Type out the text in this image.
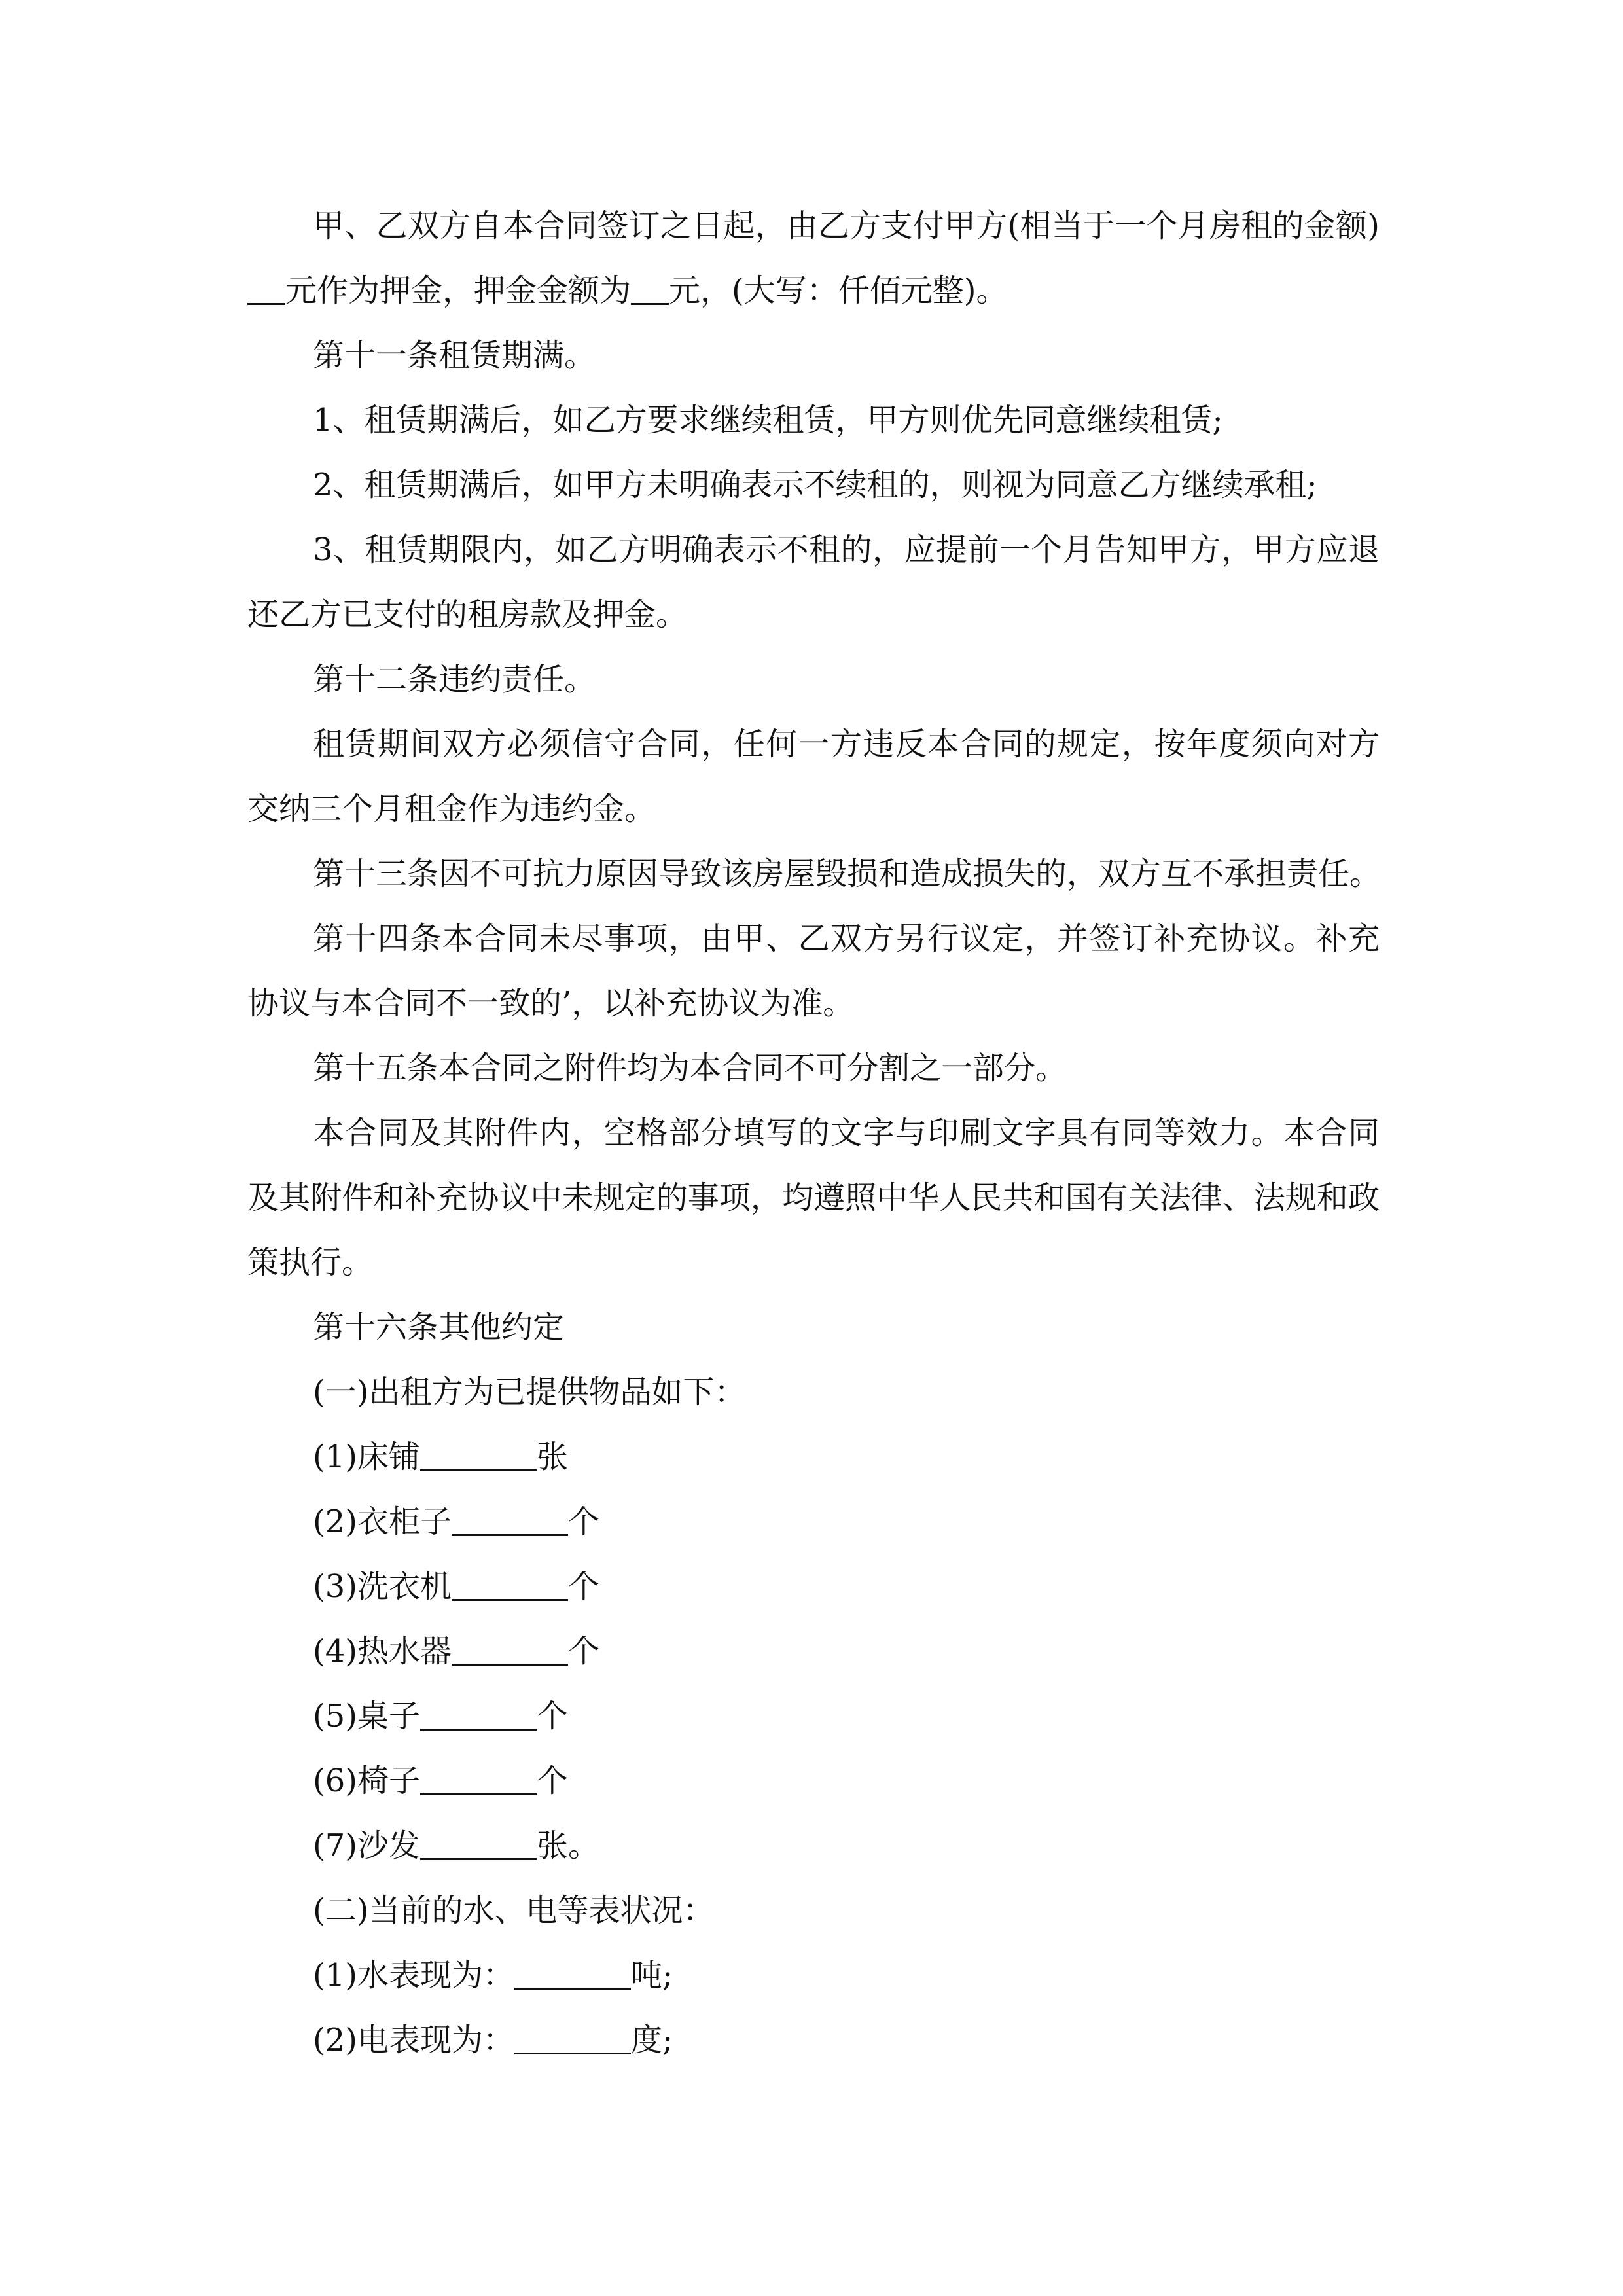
甲、乙双方自本合同签订之日起，由乙方支付甲方(相当于一个月房租的金额)元作为押金，押金金额为 元，(大写：仟佰元整)。

第十一条租赁期满。

1、租赁期满后，如乙方要求继续租赁，甲方则优先同意继续租赁;

2、租赁期满后，如甲方未明确表示不续租的，则视为同意乙方继续承租;

3、租赁期限内，如乙方明确表示不租的，应提前一个月告知甲方，甲方应退还乙方已支付的租房款及押金。

第十二条违约责任。

租赁期间双方必须信守合同，任何一方违反本合同的规定，按年度须向对方交纳三个月租金作为违约金。

第十三条因不可抗力原因导致该房屋毁损和造成损失的，双方互不承担责任。

第十四条本合同未尽事项，由甲、乙双方另行议定，并签订补充协议。补充协议与本合同不一致的’，以补充协议为准。

第十五条本合同之附件均为本合同不可分割之一部分。

本合同及其附件内，空格部分填写的文字与印刷文字具有同等效力。本合同及其附件和补充协议中未规定的事项，均遵照中华人民共和国有关法律、法规和政策执行。

第十六条其他约定

(一)出租方为已提供物品如下：

(1)床铺	张

(2)衣柜子	个

(3)洗衣机	个

(4)热水器	个

(5)桌子	个

(6)椅子	个

(7)沙发	张。

(二)当前的水、电等表状况：

(1)水表现为：	吨;

(2)电表现为：	度;
